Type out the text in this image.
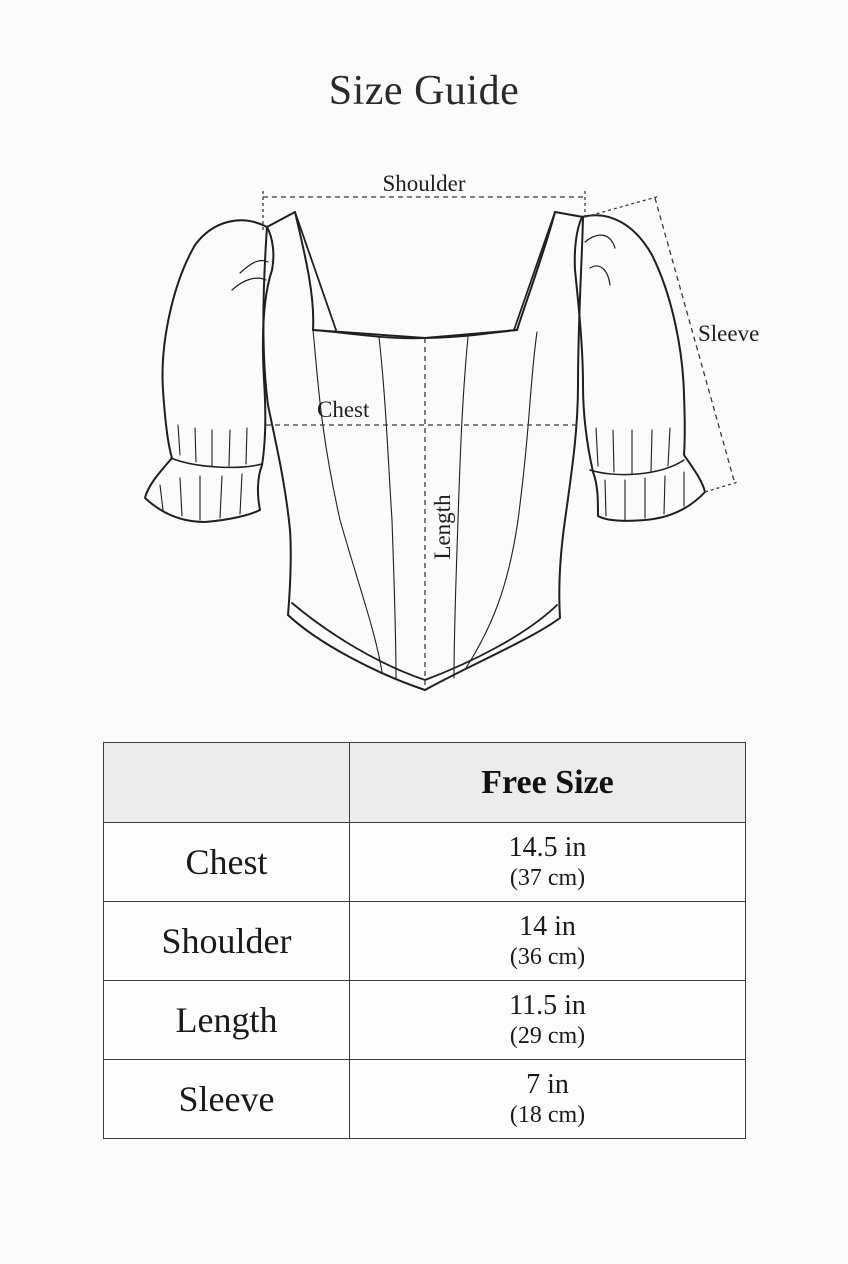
Size Guide
Shoulder
Sleeve
Chest
Length
	Free Size
Chest	14.5 in
(37 cm)

Shoulder	14 in
(36 cm)

Length	11.5 in
(29 cm)

Sleeve	7 in
(18 cm)
